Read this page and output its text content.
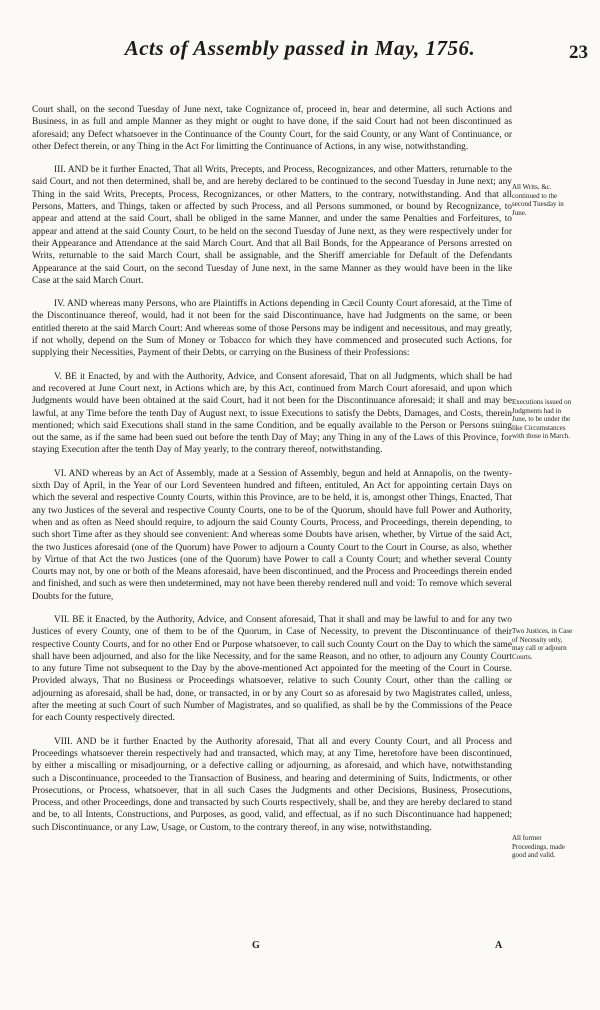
Acts of Assembly passed in May, 1756.	23

Court shall, on the second Tuesday of June next, take Cognizance of, proceed in, hear and determine, all such Actions and Business, in as full and ample Manner as they might or ought to have done, if the said Court had not been discontinued as aforesaid; any Defect whatsoever in the Continuance of the County Court, for the said County, or any Want of Continuance, or other Defect therein, or any Thing in the Act For limitting the Continuance of Actions, in any wise, notwithstanding.

III. AND be it further Enacted, That all Writs, Precepts, and Process, Recognizances, and other Matters, returnable to the said Court, and not then determined, shall be, and are hereby declared to be continued to the second Tuesday in June next; any Thing in the said Writs, Precepts, Process, Recognizances, or other Matters, to the contrary, notwithstanding. And that all Persons, Matters, and Things, taken or affected by such Process, and all Persons summoned, or bound by Recognizance, to appear and attend at the said Court, shall be obliged in the same Manner, and under the same Penalties and Forfeitures, to appear and attend at the said County Court, to be held on the second Tuesday of June next, as they were respectively under for their Appearance and Attendance at the said March Court. And that all Bail Bonds, for the Appearance of Persons arrested on Writs, returnable to the said March Court, shall be assignable, and the Sheriff amerciable for Default of the Defendants Appearance at the said Court, on the second Tuesday of June next, in the same Manner as they would have been in the like Case at the said March Court.

IV. AND whereas many Persons, who are Plaintiffs in Actions depending in Cæcil County Court aforesaid, at the Time of the Discontinuance thereof, would, had it not been for the said Discontinuance, have had Judgments on the same, or been entitled thereto at the said March Court: And whereas some of those Persons may be indigent and necessitous, and may greatly, if not wholly, depend on the Sum of Money or Tobacco for which they have commenced and prosecuted such Actions, for supplying their Necessities, Payment of their Debts, or carrying on the Business of their Professions:

V. BE it Enacted, by and with the Authority, Advice, and Consent aforesaid, That on all Judgments, which shall be had and recovered at June Court next, in Actions which are, by this Act, continued from March Court aforesaid, and upon which Judgments would have been obtained at the said Court, had it not been for the Discontinuance aforesaid; it shall and may be lawful, at any Time before the tenth Day of August next, to issue Executions to satisfy the Debts, Damages, and Costs, therein mentioned; which said Executions shall stand in the same Condition, and be equally available to the Person or Persons suing out the same, as if the same had been sued out before the tenth Day of May; any Thing in any of the Laws of this Province, for staying Execution after the tenth Day of May yearly, to the contrary thereof, notwithstanding.

VI. AND whereas by an Act of Assembly, made at a Session of Assembly, begun and held at Annapolis, on the twenty-sixth Day of April, in the Year of our Lord Seventeen hundred and fifteen, entituled, An Act for appointing certain Days on which the several and respective County Courts, within this Province, are to be held, it is, amongst other Things, Enacted, That any two Justices of the several and respective County Courts, one to be of the Quorum, should have full Power and Authority, when and as often as Need should require, to adjourn the said County Courts, Process, and Proceedings, therein depending, to such short Time after as they should see convenient: And whereas some Doubts have arisen, whether, by Virtue of the said Act, the two Justices aforesaid (one of the Quorum) have Power to adjourn a County Court to the Court in Course, as also, whether by Virtue of that Act the two Justices (one of the Quorum) have Power to call a County Court; and whether several County Courts may not, by one or both of the Means aforesaid, have been discontinued, and the Process and Proceedings therein ended and finished, and such as were then undetermined, may not have been thereby rendered null and void: To remove which several Doubts for the future,

VII. BE it Enacted, by the Authority, Advice, and Consent aforesaid, That it shall and may be lawful to and for any two Justices of every County, one of them to be of the Quorum, in Case of Necessity, to prevent the Discontinuance of their respective County Courts, and for no other End or Purpose whatsoever, to call such County Court on the Day to which the same shall have been adjourned, and also for the like Necessity, and for the same Reason, and no other, to adjourn any County Court to any future Time not subsequent to the Day by the above-mentioned Act appointed for the meeting of the Court in Course. Provided always, That no Business or Proceedings whatsoever, relative to such County Court, other than the calling or adjourning as aforesaid, shall be had, done, or transacted, in or by any Court so as aforesaid by two Magistrates called, unless, after the meeting at such Court of such Number of Magistrates, and so qualified, as shall be by the Commissions of the Peace for each County respectively directed.

VIII. AND be it further Enacted by the Authority aforesaid, That all and every County Court, and all Process and Proceedings whatsoever therein respectively had and transacted, which may, at any Time, heretofore have been discontinued, by either a miscalling or misadjourning, or a defective calling or adjourning, as aforesaid, and which have, notwithstanding such a Discontinuance, proceeded to the Transaction of Business, and hearing and determining of Suits, Indictments, or other Prosecutions, or Process, whatsoever, that in all such Cases the Judgments and other Decisions, Business, Prosecutions, Process, and other Proceedings, done and transacted by such Courts respectively, shall be, and they are hereby declared to stand and be, to all Intents, Constructions, and Purposes, as good, valid, and effectual, as if no such Discontinuance had happened; such Discontinuance, or any Law, Usage, or Custom, to the contrary thereof, in any wise, notwithstanding.

All Writs, &c. continued to the second Tuesday in June.
Executions issued on Judgments had in June, to be under the like Circumstances with those in March.
Two Justices, in Case of Necessity only, may call or adjourn Courts.
All former Proceedings, made good and valid.
G	A
